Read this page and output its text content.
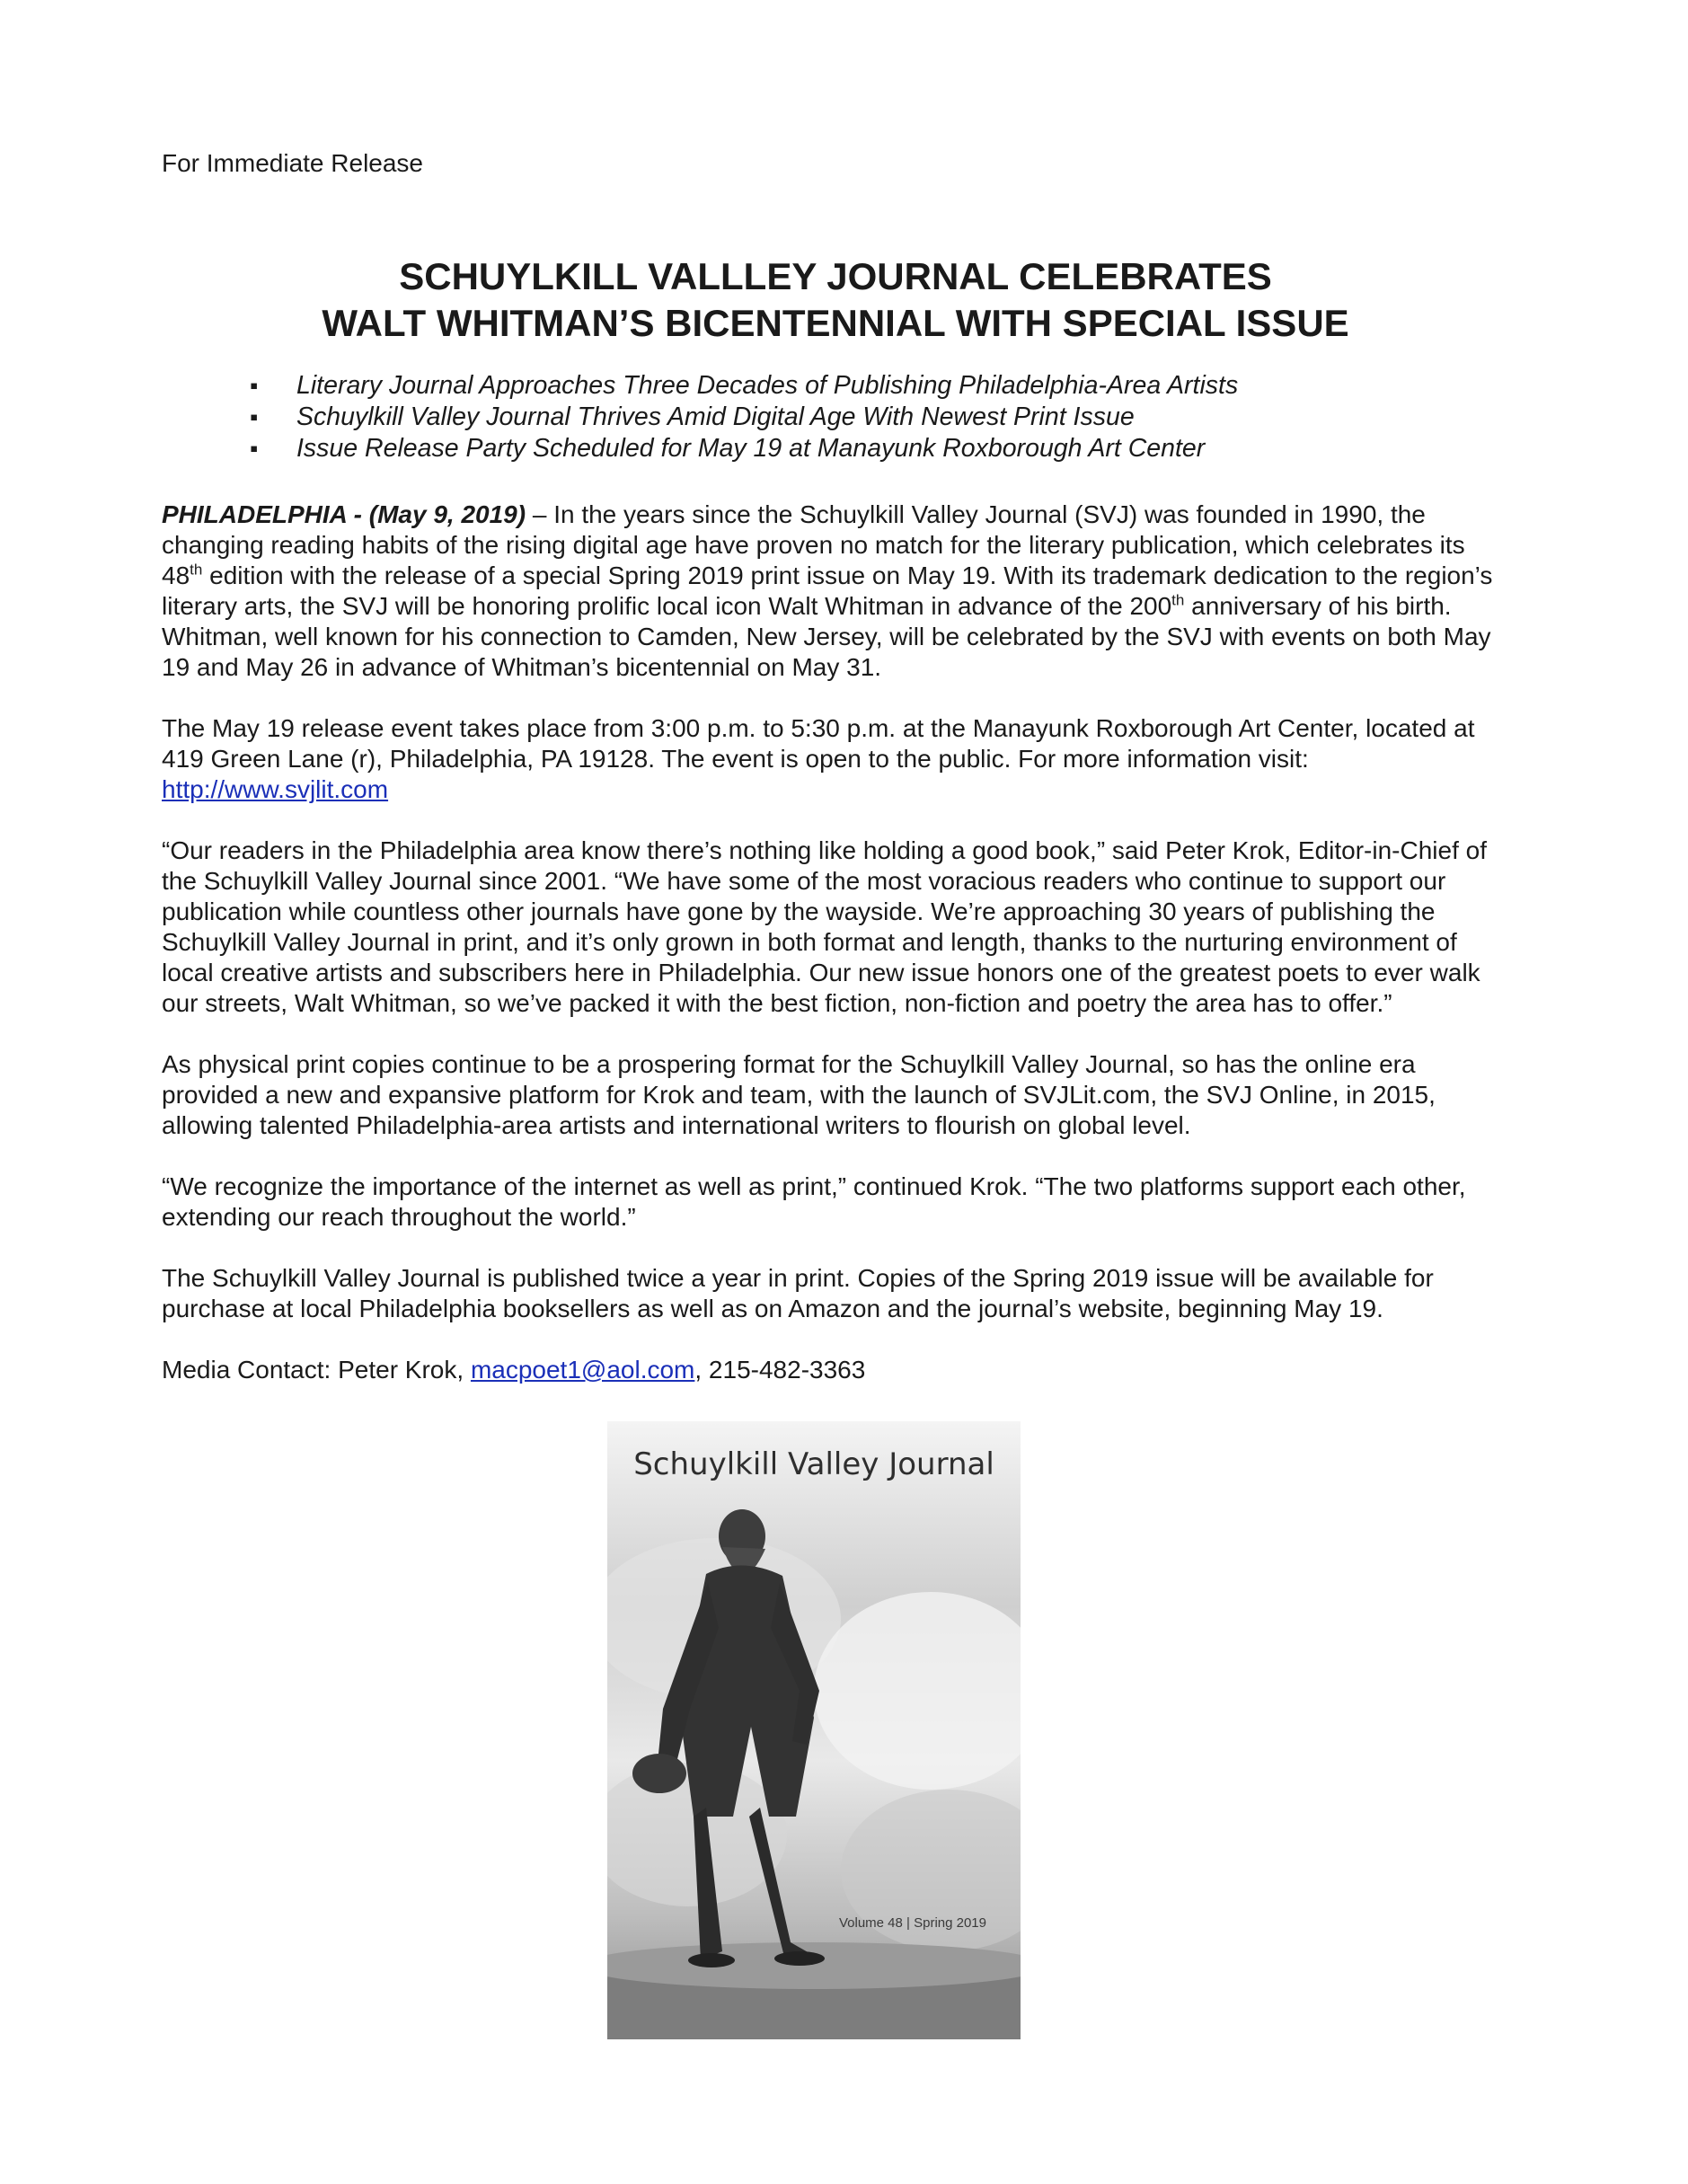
For Immediate Release
SCHUYLKILL VALLLEY JOURNAL CELEBRATES
WALT WHITMAN’S BICENTENNIAL WITH SPECIAL ISSUE
▪ Literary Journal Approaches Three Decades of Publishing Philadelphia-Area Artists
▪ Schuylkill Valley Journal Thrives Amid Digital Age With Newest Print Issue
▪ Issue Release Party Scheduled for May 19 at Manayunk Roxborough Art Center

PHILADELPHIA - (May 9, 2019) – In the years since the Schuylkill Valley Journal (SVJ) was founded in 1990, the changing reading habits of the rising digital age have proven no match for the literary publication, which celebrates its 48th edition with the release of a special Spring 2019 print issue on May 19. With its trademark dedication to the region’s literary arts, the SVJ will be honoring prolific local icon Walt Whitman in advance of the 200th anniversary of his birth. Whitman, well known for his connection to Camden, New Jersey, will be celebrated by the SVJ with events on both May 19 and May 26 in advance of Whitman’s bicentennial on May 31.

The May 19 release event takes place from 3:00 p.m. to 5:30 p.m. at the Manayunk Roxborough Art Center, located at 419 Green Lane (r), Philadelphia, PA 19128. The event is open to the public. For more information visit: http://www.svjlit.com

“Our readers in the Philadelphia area know there’s nothing like holding a good book,” said Peter Krok, Editor-in-Chief of the Schuylkill Valley Journal since 2001. “We have some of the most voracious readers who continue to support our publication while countless other journals have gone by the wayside. We’re approaching 30 years of publishing the Schuylkill Valley Journal in print, and it’s only grown in both format and length, thanks to the nurturing environment of local creative artists and subscribers here in Philadelphia. Our new issue honors one of the greatest poets to ever walk our streets, Walt Whitman, so we’ve packed it with the best fiction, non-fiction and poetry the area has to offer.”

As physical print copies continue to be a prospering format for the Schuylkill Valley Journal, so has the online era provided a new and expansive platform for Krok and team, with the launch of SVJLit.com, the SVJ Online, in 2015, allowing talented Philadelphia-area artists and international writers to flourish on global level.

“We recognize the importance of the internet as well as print,” continued Krok. “The two platforms support each other, extending our reach throughout the world.”

The Schuylkill Valley Journal is published twice a year in print. Copies of the Spring 2019 issue will be available for purchase at local Philadelphia booksellers as well as on Amazon and the journal’s website, beginning May 19.

Media Contact: Peter Krok, macpoet1@aol.com, 215-482-3363

Schuylkill Valley Journal
Volume 48 | Spring 2019
